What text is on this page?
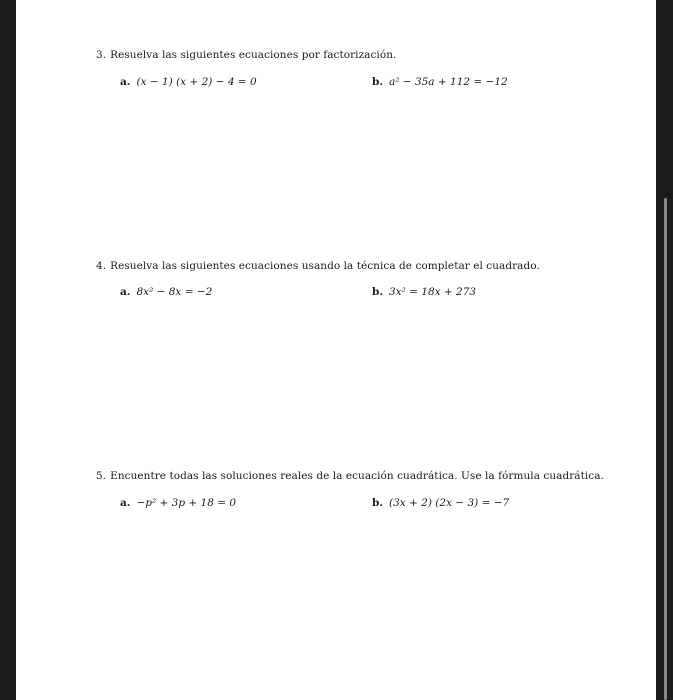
3. Resuelva las siguientes ecuaciones por factorización.
a. (x − 1) (x + 2) − 4 = 0	b. a² − 35a + 112 = −12
4. Resuelva las siguientes ecuaciones usando la técnica de completar el cuadrado.
a. 8x² − 8x = −2	b. 3x² = 18x + 273
5. Encuentre todas las soluciones reales de la ecuación cuadrática. Use la fórmula cuadrática.
a. −p² + 3p + 18 = 0	b. (3x + 2) (2x − 3) = −7
